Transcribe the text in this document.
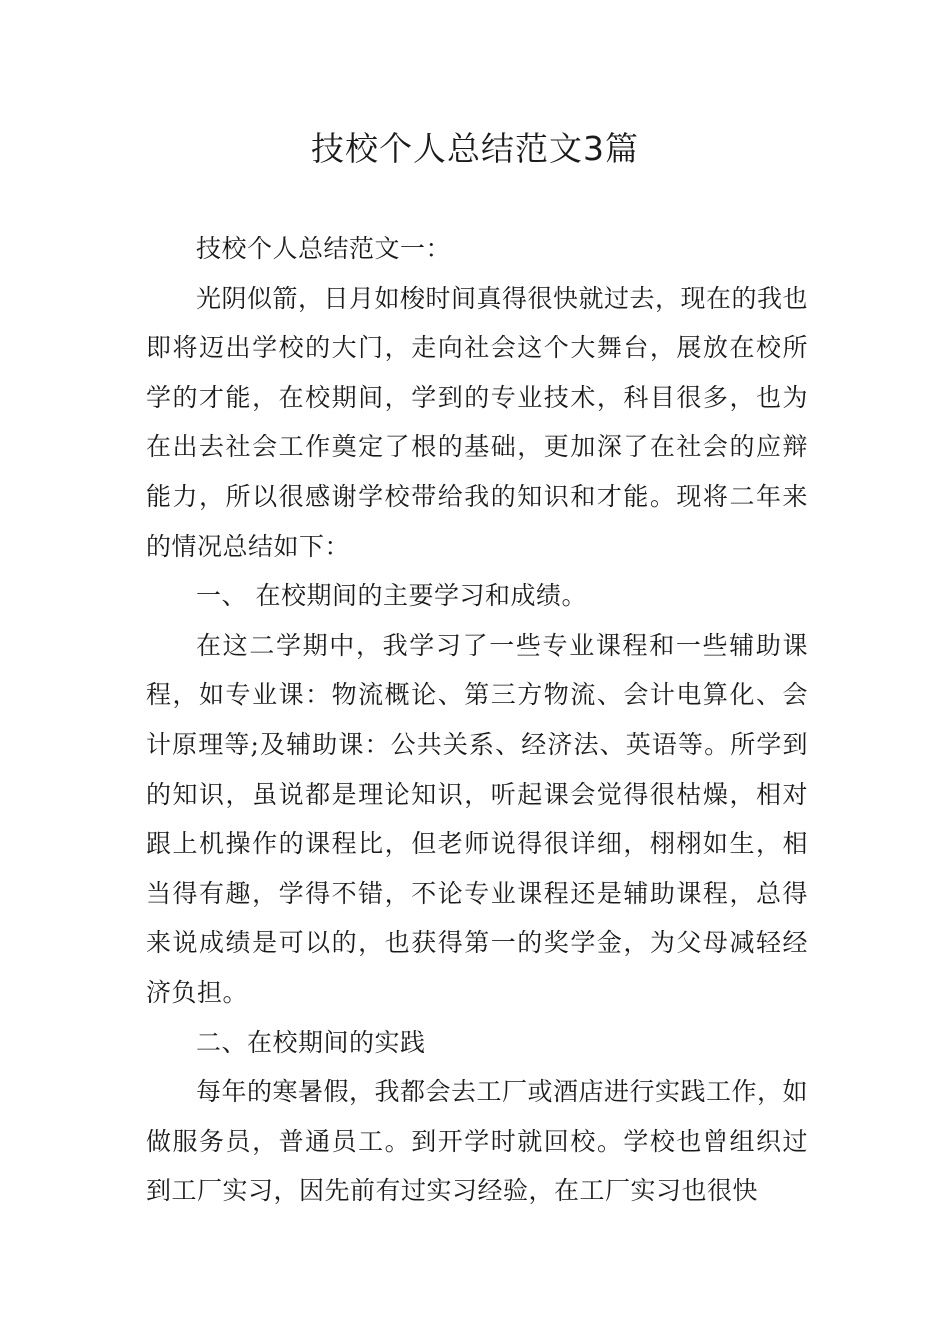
技校个人总结范文3篇

技校个人总结范文一：

光阴似箭，日月如梭时间真得很快就过去，现在的我也即将迈出学校的大门，走向社会这个大舞台，展放在校所学的才能，在校期间，学到的专业技术，科目很多，也为在出去社会工作奠定了根的基础，更加深了在社会的应辩能力，所以很感谢学校带给我的知识和才能。现将二年来的情况总结如下：

一、 在校期间的主要学习和成绩。

在这二学期中，我学习了一些专业课程和一些辅助课程，如专业课：物流概论、第三方物流、会计电算化、会计原理等;及辅助课：公共关系、经济法、英语等。所学到的知识，虽说都是理论知识，听起课会觉得很枯燥，相对跟上机操作的课程比，但老师说得很详细，栩栩如生，相当得有趣，学得不错，不论专业课程还是辅助课程，总得来说成绩是可以的，也获得第一的奖学金，为父母减轻经济负担。

二、在校期间的实践

每年的寒暑假，我都会去工厂或酒店进行实践工作，如做服务员，普通员工。到开学时就回校。学校也曾组织过到工厂实习，因先前有过实习经验，在工厂实习也很快
